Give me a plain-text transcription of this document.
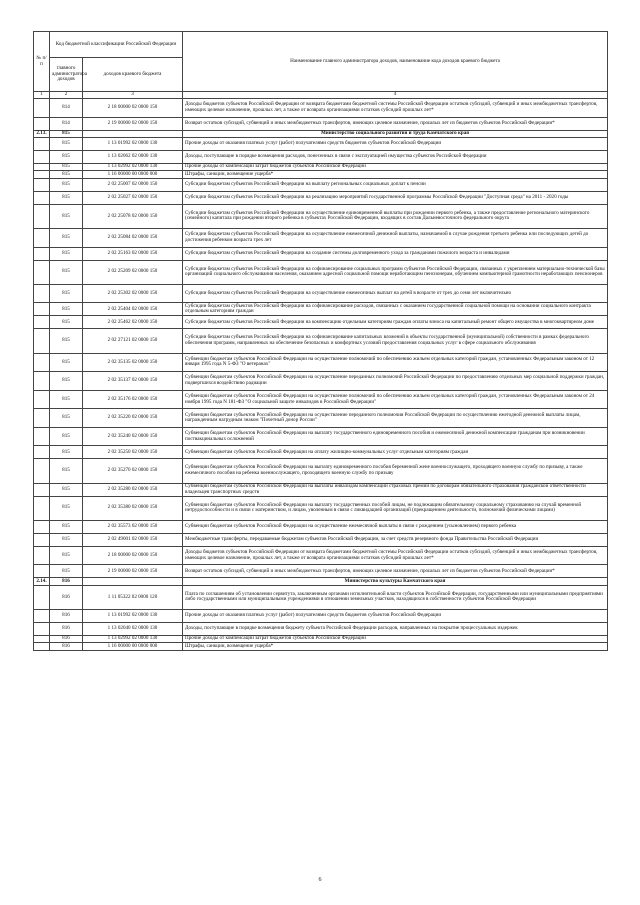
№ п/п	Код бюджетной классификации Российской Федерации		Наименование главного администратора доходов, наименование кода доходов краевого бюджета
	главного администратора доходов	доходов краевого бюджета	
1	2	3	4
	814	2 18 00000 02 0000 150	Доходы бюджетов субъектов Российской Федерации от возврата бюджетами бюджетной системы Российской Федерации остатков субсидий, субвенций и иных межбюджетных трансфертов, имеющих целевое назначение, прошлых лет, а также от возврата организациями остатков субсидий прошлых лет*
	814	2 19 00000 02 0000 150	Возврат остатков субсидий, субвенций и иных межбюджетных трансфертов, имеющих целевое назначение, прошлых лет из бюджетов субъектов Российской Федерации*
2.13.	815		Министерство социального развития и труда Камчатского края
	815	1 13 01992 02 0000 130	Прочие доходы от оказания платных услуг (работ) получателями средств бюджетов субъектов Российской Федерации
	815	1 13 02062 02 0000 130	Доходы, поступающие в порядке возмещения расходов, понесенных в связи с эксплуатацией имущества субъектов Российской Федерации
	815	1 13 02992 02 0000 130	Прочие доходы от компенсации затрат бюджетов субъектов Российской Федерации
	815	1 16 00000 00 0000 000	Штрафы, санкции, возмещение ущерба*
	815	2 02 25007 02 0000 150	Субсидии бюджетам субъектов Российской Федерации на выплату региональных социальных доплат к пенсии
	815	2 02 25027 02 0000 150	Субсидии бюджетам субъектов Российской Федерации на реализацию мероприятий государственной программы Российской Федерации "Доступная среда" на 2011 - 2020 годы
	815	2 02 25078 02 0000 150	Субсидии бюджетам субъектов Российской Федерации на осуществление единовременной выплаты при рождении первого ребенка, а также предоставление регионального материнского (семейного) капитала при рождении второго ребенка в субъектах Российской Федерации, входящих в состав Дальневосточного федерального округа
	815	2 02 25084 02 0000 150	Субсидии бюджетам субъектов Российской Федерации на осуществление ежемесячной денежной выплаты, назначаемой в случае рождения третьего ребенка или последующих детей до достижения ребенком возраста трех лет
	815	2 02 25163 02 0000 150	Субсидии бюджетам субъектов Российской Федерации на создание системы долговременного ухода за гражданами пожилого возраста и инвалидами
	815	2 02 25209 02 0000 150	Субсидии бюджетам субъектов Российской Федерации на софинансирование социальных программ субъектов Российской Федерации, связанных с укреплением материально-технической базы организаций социального обслуживания населения, оказанием адресной социальной помощи неработающим пенсионерам, обучением компьютерной грамотности неработающих пенсионеров
	815	2 02 25302 02 0000 150	Субсидии бюджетам субъектов Российской Федерации на осуществление ежемесячных выплат на детей в возрасте от трех до семи лет включительно
	815	2 02 25404 02 0000 150	Субсидии бюджетам субъектов Российской Федерации на софинансирование расходов, связанных с оказанием государственной социальной помощи на основании социального контракта отдельным категориям граждан
	815	2 02 25462 02 0000 150	Субсидии бюджетам субъектов Российской Федерации на компенсацию отдельным категориям граждан оплаты взноса на капитальный ремонт общего имущества в многоквартирном доме
	815	2 02 27121 02 0000 150	Субсидии бюджетам субъектов Российской Федерации на софинансирование капитальных вложений в объекты государственной (муниципальной) собственности в рамках федерального обеспечения программ, направленных на обеспечение безопасных и комфортных условий предоставления социальных услуг в сфере социального обслуживания
	815	2 02 35135 02 0000 150	Субвенции бюджетам субъектов Российской Федерации на осуществление полномочий по обеспечению жильем отдельных категорий граждан, установленных Федеральным законом от 12 января 1995 года N 5-ФЗ "О ветеранах"
	815	2 02 35137 02 0000 150	Субвенции бюджетам субъектов Российской Федерации на осуществление переданных полномочий Российской Федерации по предоставлению отдельных мер социальной поддержки граждан, подвергшихся воздействию радиации
	815	2 02 35176 02 0000 150	Субвенции бюджетам субъектов Российской Федерации на осуществление полномочий по обеспечению жильем отдельных категорий граждан, установленных Федеральным законом от 24 ноября 1995 года N 181-ФЗ "О социальной защите инвалидов в Российской Федерации"
	815	2 02 35220 02 0000 150	Субвенции бюджетам субъектов Российской Федерации на осуществление переданного полномочия Российской Федерации по осуществлению ежегодной денежной выплаты лицам, награжденным нагрудным знаком "Почетный донор России"
	815	2 02 35240 02 0000 150	Субвенции бюджетам субъектов Российской Федерации на выплату государственного единовременного пособия и ежемесячной денежной компенсации гражданам при возникновении поствакцинальных осложнений
	815	2 02 35250 02 0000 150	Субвенции бюджетам субъектов Российской Федерации на оплату жилищно-коммунальных услуг отдельным категориям граждан
	815	2 02 35270 02 0000 150	Субвенции бюджетам субъектов Российской Федерации на выплату единовременного пособия беременной жене военнослужащего, проходящего военную службу по призыву, а также ежемесячного пособия на ребенка военнослужащего, проходящего военную службу по призыву
	815	2 02 35280 02 0000 150	Субвенции бюджетам субъектов Российской Федерации на выплаты инвалидам компенсаций страховых премий по договорам обязательного страхования гражданской ответственности владельцев транспортных средств
	815	2 02 35380 02 0000 150	Субвенции бюджетам субъектов Российской Федерации на выплату государственных пособий лицам, не подлежащим обязательному социальному страхованию на случай временной нетрудоспособности и в связи с материнством, и лицам, уволенным в связи с ликвидацией организаций (прекращением деятельности, полномочий физическими лицами)
	815	2 02 35573 02 0000 150	Субвенции бюджетам субъектов Российской Федерации на осуществление ежемесячной выплаты в связи с рождением (усыновлением) первого ребенка
	815	2 02 49001 02 0000 150	Межбюджетные трансферты, передаваемые бюджетам субъектов Российской Федерации, за счет средств резервного фонда Правительства Российской Федерации
	815	2 18 00000 02 0000 150	Доходы бюджетов субъектов Российской Федерации от возврата бюджетами бюджетной системы Российской Федерации остатков субсидий, субвенций и иных межбюджетных трансфертов, имеющих целевое назначение, прошлых лет, а также от возврата организациями остатков субсидий прошлых лет*
	815	2 19 00000 02 0000 150	Возврат остатков субсидий, субвенций и иных межбюджетных трансфертов, имеющих целевое назначение, прошлых лет из бюджетов субъектов Российской Федерации*
2.14.	816		Министерство культуры Камчатского края
	816	1 11 05322 02 0000 120	Плата по соглашениям об установлении сервитута, заключенным органами исполнительной власти субъектов Российской Федерации, государственными или муниципальными предприятиями либо государственными или муниципальными учреждениями в отношении земельных участков, находящихся в собственности субъектов Российской Федерации
	816	1 13 01992 02 0000 130	Прочие доходы от оказания платных услуг (работ) получателями средств бюджетов субъектов Российской Федерации
	816	1 13 02040 02 0000 130	Доходы, поступающие в порядке возмещения бюджету субъекта Российской Федерации расходов, направленных на покрытие процессуальных издержек
	816	1 13 02992 02 0000 130	Прочие доходы от компенсации затрат бюджетов субъектов Российской Федерации
	816	1 16 00000 00 0000 000	Штрафы, санкции, возмещение ущерба*
6
